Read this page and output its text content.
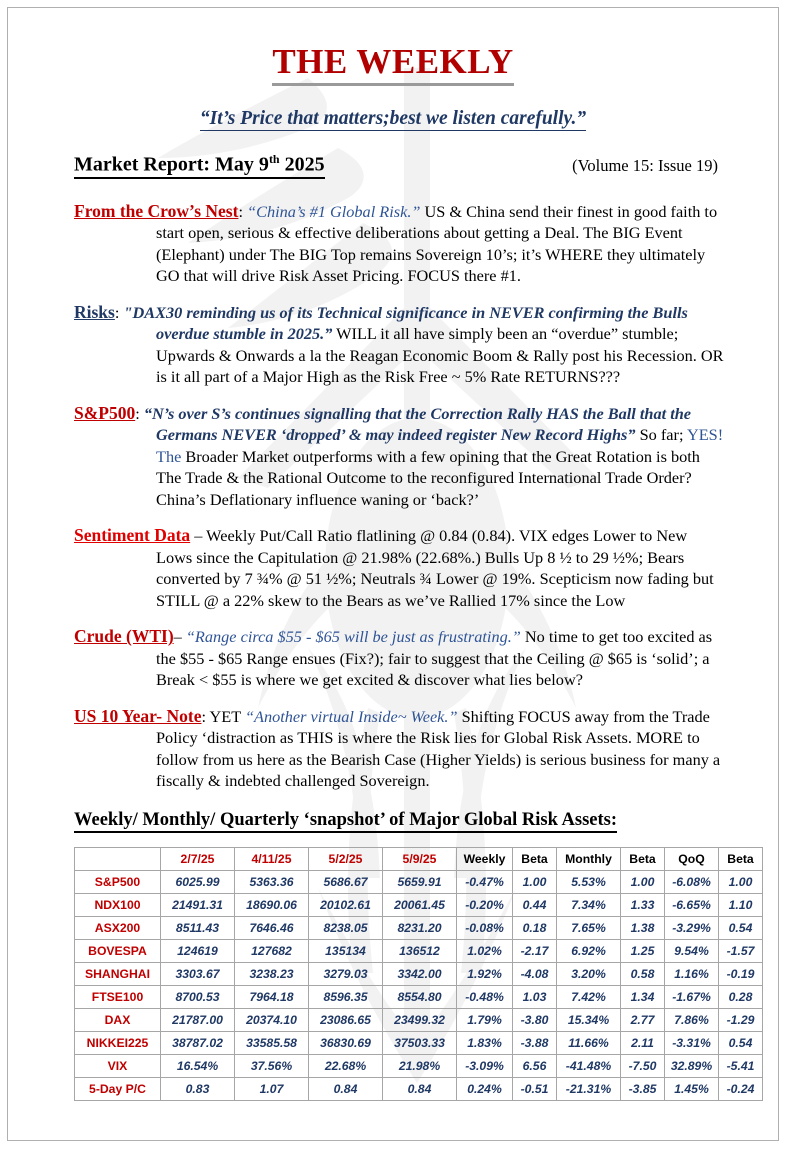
THE WEEKLY
“It’s Price that matters;best we listen carefully.”
Market Report: May 9th 2025	(Volume 15: Issue 19)

From the Crow’s Nest: “China’s #1 Global Risk.” US & China send their finest in good faith to start open, serious & effective deliberations about getting a Deal. The BIG Event (Elephant) under The BIG Top remains Sovereign 10’s; it’s WHERE they ultimately GO that will drive Risk Asset Pricing. FOCUS there #1.

Risks: "DAX30 reminding us of its Technical significance in NEVER confirming the Bulls overdue stumble in 2025.” WILL it all have simply been an “overdue” stumble; Upwards & Onwards a la the Reagan Economic Boom & Rally post his Recession. OR is it all part of a Major High as the Risk Free ~ 5% Rate RETURNS???

S&P500: “N’s over S’s continues signalling that the Correction Rally HAS the Ball that the Germans NEVER ‘dropped’ & may indeed register New Record Highs” So far; YES! The Broader Market outperforms with a few opining that the Great Rotation is both The Trade & the Rational Outcome to the reconfigured International Trade Order? China’s Deflationary influence waning or ‘back?’

Sentiment Data – Weekly Put/Call Ratio flatlining @ 0.84 (0.84). VIX edges Lower to New Lows since the Capitulation @ 21.98% (22.68%.) Bulls Up 8 ½ to 29 ½%; Bears converted by 7 ¾% @ 51 ½%; Neutrals ¾ Lower @ 19%. Scepticism now fading but STILL @ a 22% skew to the Bears as we’ve Rallied 17% since the Low

Crude (WTI)– “Range circa $55 - $65 will be just as frustrating.” No time to get too excited as the $55 - $65 Range ensues (Fix?); fair to suggest that the Ceiling @ $65 is ‘solid’; a Break < $55 is where we get excited & discover what lies below?

US 10 Year- Note: YET “Another virtual Inside~ Week.” Shifting FOCUS away from the Trade Policy ‘distraction as THIS is where the Risk lies for Global Risk Assets. MORE to follow from us here as the Bearish Case (Higher Yields) is serious business for many a fiscally & indebted challenged Sovereign.

Weekly/ Monthly/ Quarterly ‘snapshot’ of Major Global Risk Assets:
	2/7/25	4/11/25	5/2/25	5/9/25	Weekly	Beta	Monthly	Beta	QoQ	Beta
S&P500	6025.99	5363.36	5686.67	5659.91	-0.47%	1.00	5.53%	1.00	-6.08%	1.00
NDX100	21491.31	18690.06	20102.61	20061.45	-0.20%	0.44	7.34%	1.33	-6.65%	1.10
ASX200	8511.43	7646.46	8238.05	8231.20	-0.08%	0.18	7.65%	1.38	-3.29%	0.54
BOVESPA	124619	127682	135134	136512	1.02%	-2.17	6.92%	1.25	9.54%	-1.57
SHANGHAI	3303.67	3238.23	3279.03	3342.00	1.92%	-4.08	3.20%	0.58	1.16%	-0.19
FTSE100	8700.53	7964.18	8596.35	8554.80	-0.48%	1.03	7.42%	1.34	-1.67%	0.28
DAX	21787.00	20374.10	23086.65	23499.32	1.79%	-3.80	15.34%	2.77	7.86%	-1.29
NIKKEI225	38787.02	33585.58	36830.69	37503.33	1.83%	-3.88	11.66%	2.11	-3.31%	0.54
VIX	16.54%	37.56%	22.68%	21.98%	-3.09%	6.56	-41.48%	-7.50	32.89%	-5.41
5-Day P/C	0.83	1.07	0.84	0.84	0.24%	-0.51	-21.31%	-3.85	1.45%	-0.24
